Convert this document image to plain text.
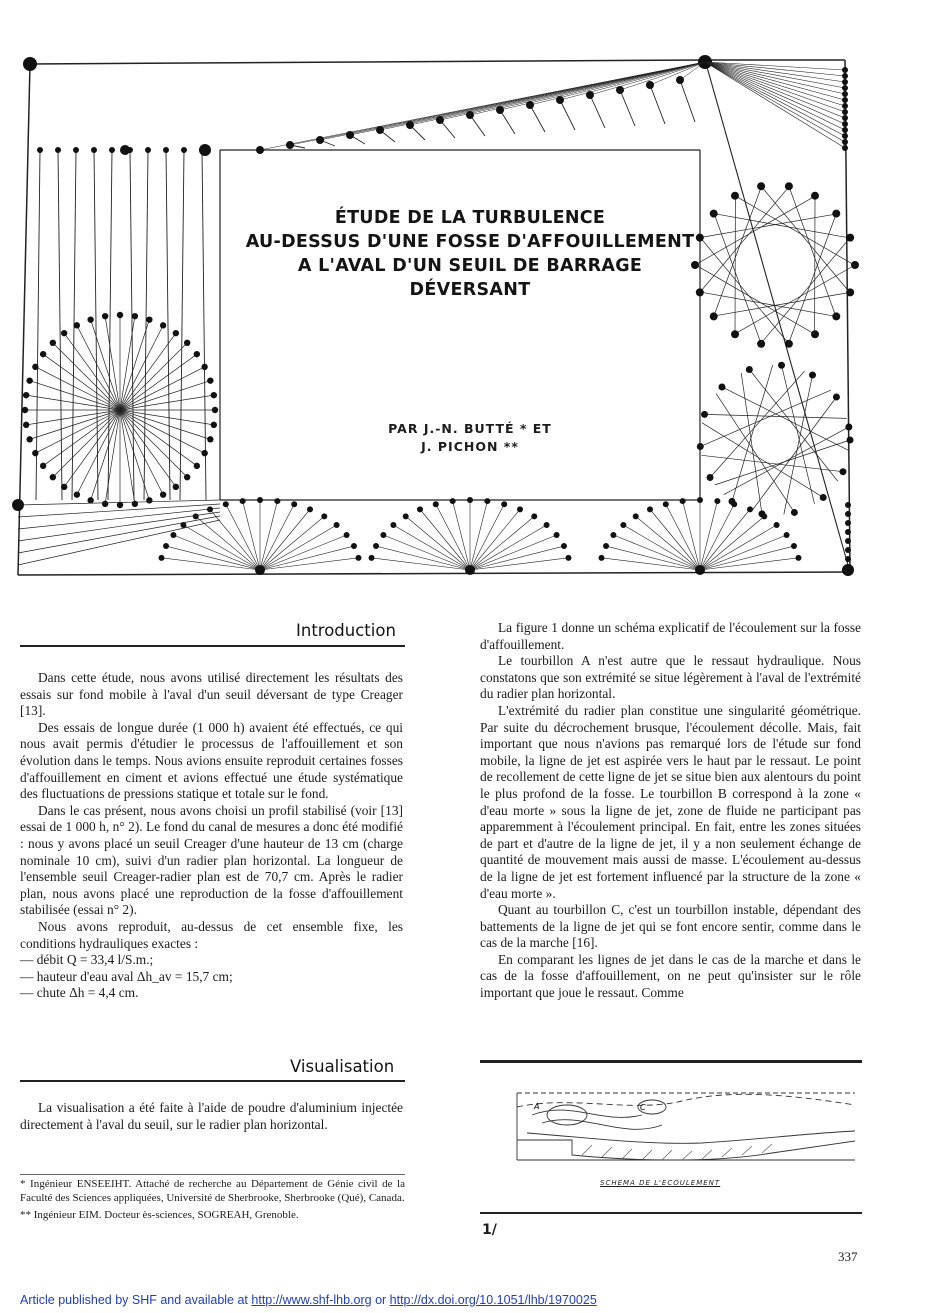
ÉTUDE DE LA TURBULENCE
AU-DESSUS D'UNE FOSSE D'AFFOUILLEMENT
A L'AVAL D'UN SEUIL DE BARRAGE
DÉVERSANT
PAR J.-N. BUTTÉ * ET
J. PICHON **
Introduction

Dans cette étude, nous avons utilisé directement les résultats des essais sur fond mobile à l'aval d'un seuil déversant de type Creager [13].

Des essais de longue durée (1 000 h) avaient été effectués, ce qui nous avait permis d'étudier le processus de l'affouillement et son évolution dans le temps. Nous avions ensuite reproduit certaines fosses d'affouillement en ciment et avions effectué une étude systématique des fluctuations de pressions statique et totale sur le fond.

Dans le cas présent, nous avons choisi un profil stabilisé (voir [13] essai de 1 000 h, n° 2). Le fond du canal de mesures a donc été modifié : nous y avons placé un seuil Creager d'une hauteur de 13 cm (charge nominale 10 cm), suivi d'un radier plan horizontal. La longueur de l'ensemble seuil Creager-radier plan est de 70,7 cm. Après le radier plan, nous avons placé une reproduction de la fosse d'affouillement stabilisée (essai n° 2).

Nous avons reproduit, au-dessus de cet ensemble fixe, les conditions hydrauliques exactes :

— débit Q = 33,4 l/S.m.;

— hauteur d'eau aval Δh_av = 15,7 cm;

— chute Δh = 4,4 cm.

Visualisation

La visualisation a été faite à l'aide de poudre d'aluminium injectée directement à l'aval du seuil, sur le radier plan horizontal.

* Ingénieur ENSEEIHT. Attaché de recherche au Département de Génie civil de la Faculté des Sciences appliquées, Université de Sherbrooke, Sherbrooke (Qué), Canada.

** Ingénieur EIM. Docteur ès-sciences, SOGREAH, Grenoble.

La figure 1 donne un schéma explicatif de l'écoulement sur la fosse d'affouillement.

Le tourbillon A n'est autre que le ressaut hydraulique. Nous constatons que son extrémité se situe légèrement à l'aval de l'extrémité du radier plan horizontal.

L'extrémité du radier plan constitue une singularité géométrique. Par suite du décrochement brusque, l'écoulement décolle. Mais, fait important que nous n'avions pas remarqué lors de l'étude sur fond mobile, la ligne de jet est aspirée vers le haut par le ressaut. Le point de recollement de cette ligne de jet se situe bien aux alentours du point le plus profond de la fosse. Le tourbillon B correspond à la zone « d'eau morte » sous la ligne de jet, zone de fluide ne participant pas apparemment à l'écoulement principal. En fait, entre les zones situées de part et d'autre de la ligne de jet, il y a non seulement échange de quantité de mouvement mais aussi de masse. L'écoulement au-dessus de la ligne de jet est fortement influencé par la structure de la zone « d'eau morte ».

Quant au tourbillon C, c'est un tourbillon instable, dépendant des battements de la ligne de jet qui se font encore sentir, comme dans le cas de la marche [16].

En comparant les lignes de jet dans le cas de la marche et dans le cas de la fosse d'affouillement, on ne peut qu'insister sur le rôle important que joue le ressaut. Comme

A	C
SCHEMA DE L'ECOULEMENT
1/
337
Article published by SHF and available at http://www.shf-lhb.org or http://dx.doi.org/10.1051/lhb/1970025
